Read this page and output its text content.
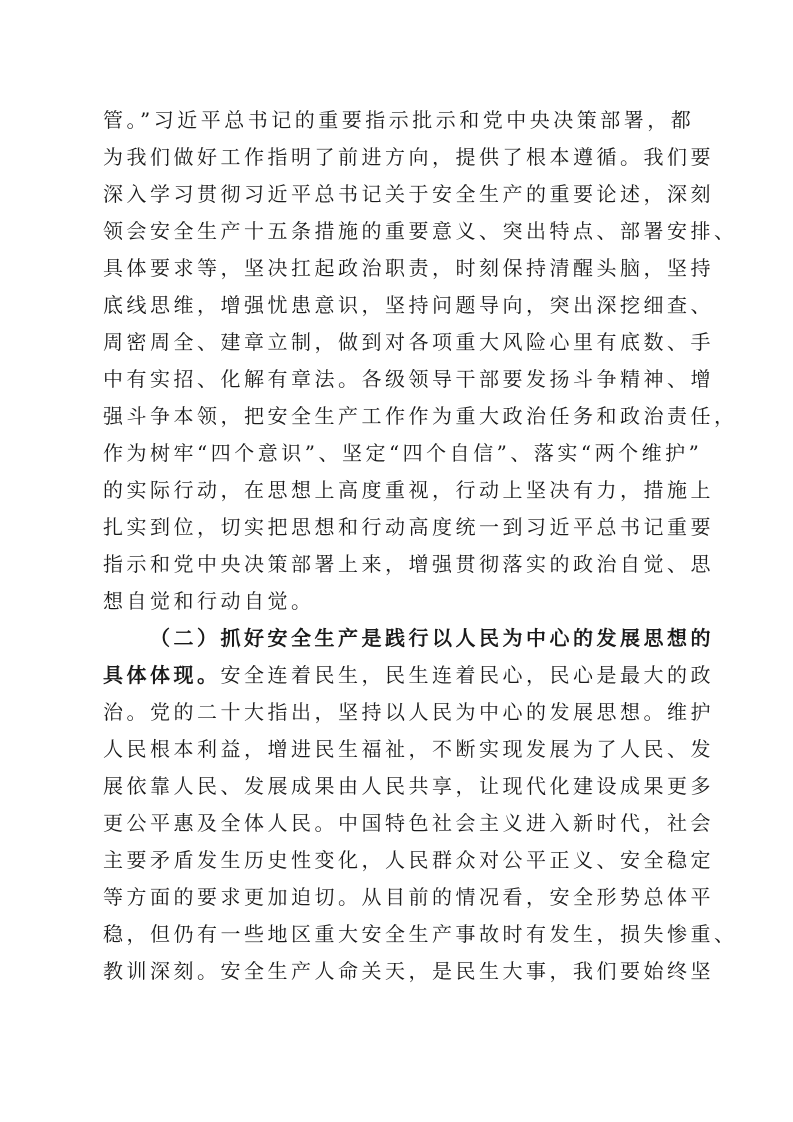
管。”习近平总书记的重要指示批示和党中央决策部署，都
为我们做好工作指明了前进方向，提供了根本遵循。我们要
深入学习贯彻习近平总书记关于安全生产的重要论述，深刻
领会安全生产十五条措施的重要意义、突出特点、部署安排、
具体要求等，坚决扛起政治职责，时刻保持清醒头脑，坚持
底线思维，增强忧患意识，坚持问题导向，突出深挖细查、
周密周全、建章立制，做到对各项重大风险心里有底数、手
中有实招、化解有章法。各级领导干部要发扬斗争精神、增
强斗争本领，把安全生产工作作为重大政治任务和政治责任，
作为树牢“四个意识”、坚定“四个自信”、落实“两个维护”
的实际行动，在思想上高度重视，行动上坚决有力，措施上
扎实到位，切实把思想和行动高度统一到习近平总书记重要
指示和党中央决策部署上来，增强贯彻落实的政治自觉、思
想自觉和行动自觉。
（二）抓好安全生产是践行以人民为中心的发展思想的
具体体现。安全连着民生，民生连着民心，民心是最大的政
治。党的二十大指出，坚持以人民为中心的发展思想。维护
人民根本利益，增进民生福祉，不断实现发展为了人民、发
展依靠人民、发展成果由人民共享，让现代化建设成果更多
更公平惠及全体人民。中国特色社会主义进入新时代，社会
主要矛盾发生历史性变化，人民群众对公平正义、安全稳定
等方面的要求更加迫切。从目前的情况看，安全形势总体平
稳，但仍有一些地区重大安全生产事故时有发生，损失惨重、
教训深刻。安全生产人命关天，是民生大事，我们要始终坚
